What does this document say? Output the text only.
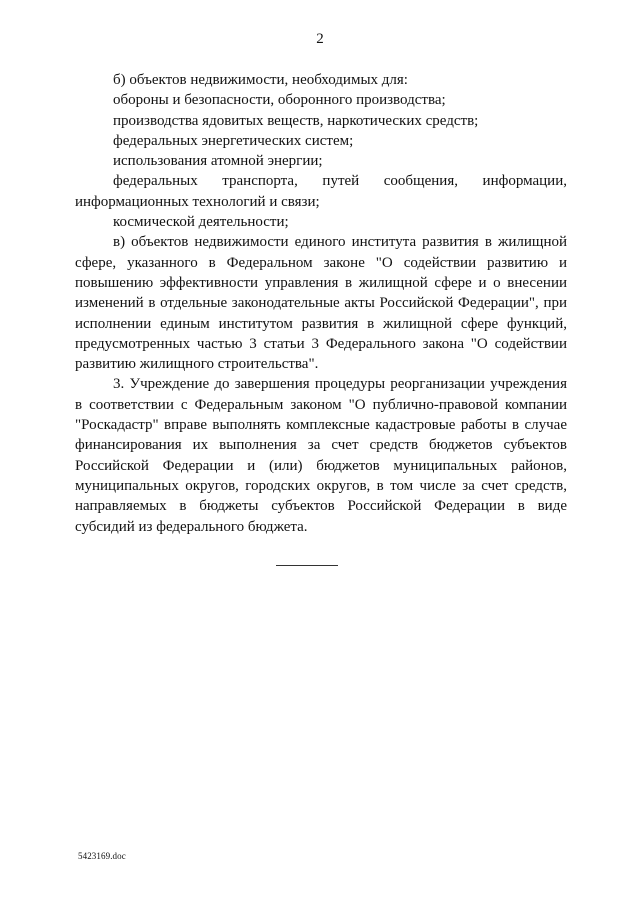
2

б) объектов недвижимости, необходимых для:

обороны и безопасности, оборонного производства;

производства ядовитых веществ, наркотических средств;

федеральных энергетических систем;

использования атомной энергии;

федеральных транспорта, путей сообщения, информации, информационных технологий и связи;

космической деятельности;

в) объектов недвижимости единого института развития в жилищной сфере, указанного в Федеральном законе "О содействии развитию и повышению эффективности управления в жилищной сфере и о внесении изменений в отдельные законодательные акты Российской Федерации", при исполнении единым институтом развития в жилищной сфере функций, предусмотренных частью 3 статьи 3 Федерального закона "О содействии развитию жилищного строительства".

3. Учреждение до завершения процедуры реорганизации учреждения в соответствии с Федеральным законом "О публично-правовой компании "Роскадастр" вправе выполнять комплексные кадастровые работы в случае финансирования их выполнения за счет средств бюджетов субъектов Российской Федерации и (или) бюджетов муниципальных районов, муниципальных округов, городских округов, в том числе за счет средств, направляемых в бюджеты субъектов Российской Федерации в виде субсидий из федерального бюджета.

5423169.doc
